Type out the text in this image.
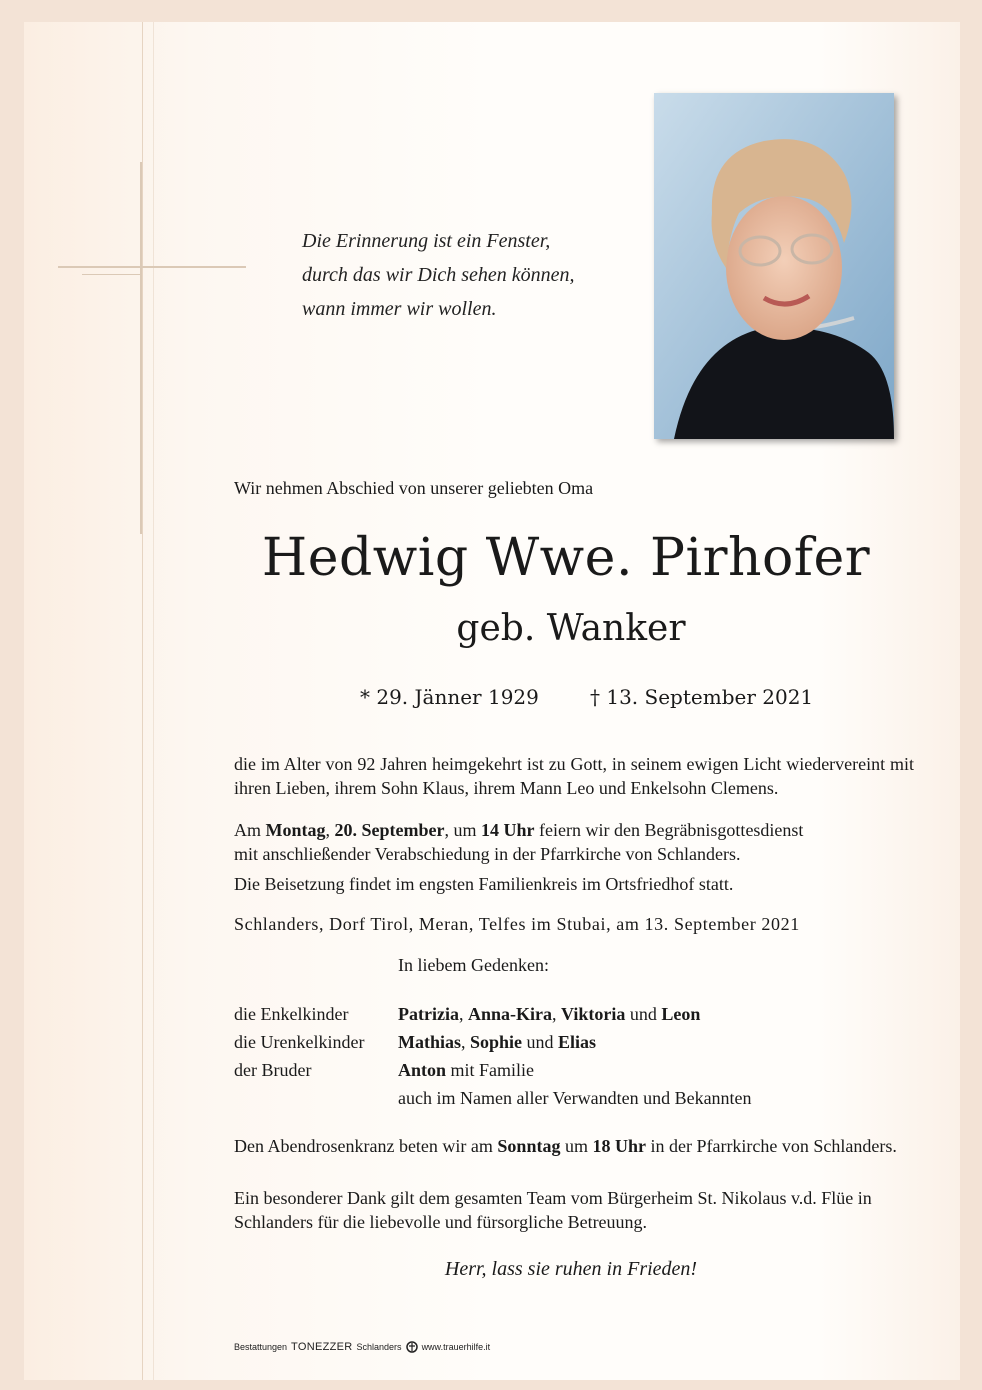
Die Erinnerung ist ein Fenster,
durch das wir Dich sehen können,
wann immer wir wollen.
Wir nehmen Abschied von unserer geliebten Oma
Hedwig Wwe. Pirhofer
geb. Wanker
* 29. Jänner 1929	† 13. September 2021
die im Alter von 92 Jahren heimgekehrt ist zu Gott, in seinem ewigen Licht wiedervereint mit ihren Lieben, ihrem Sohn Klaus, ihrem Mann Leo und Enkelsohn Clemens.
Am Montag, 20. September, um 14 Uhr feiern wir den Begräbnisgottesdienst
mit anschließender Verabschiedung in der Pfarrkirche von Schlanders.
Die Beisetzung findet im engsten Familienkreis im Ortsfriedhof statt.
Schlanders, Dorf Tirol, Meran, Telfes im Stubai, am 13. September 2021
In liebem Gedenken:
die Enkelkinder	Patrizia, Anna-Kira, Viktoria und Leon
die Urenkelkinder	Mathias, Sophie und Elias
der Bruder	Anton mit Familie
auch im Namen aller Verwandten und Bekannten
Den Abendrosenkranz beten wir am Sonntag um 18 Uhr in der Pfarrkirche von Schlanders.
Ein besonderer Dank gilt dem gesamten Team vom Bürgerheim St. Nikolaus v.d. Flüe in Schlanders für die liebevolle und fürsorgliche Betreuung.
Herr, lass sie ruhen in Frieden!
Bestattungen TONEZZER Schlanders www.trauerhilfe.it
